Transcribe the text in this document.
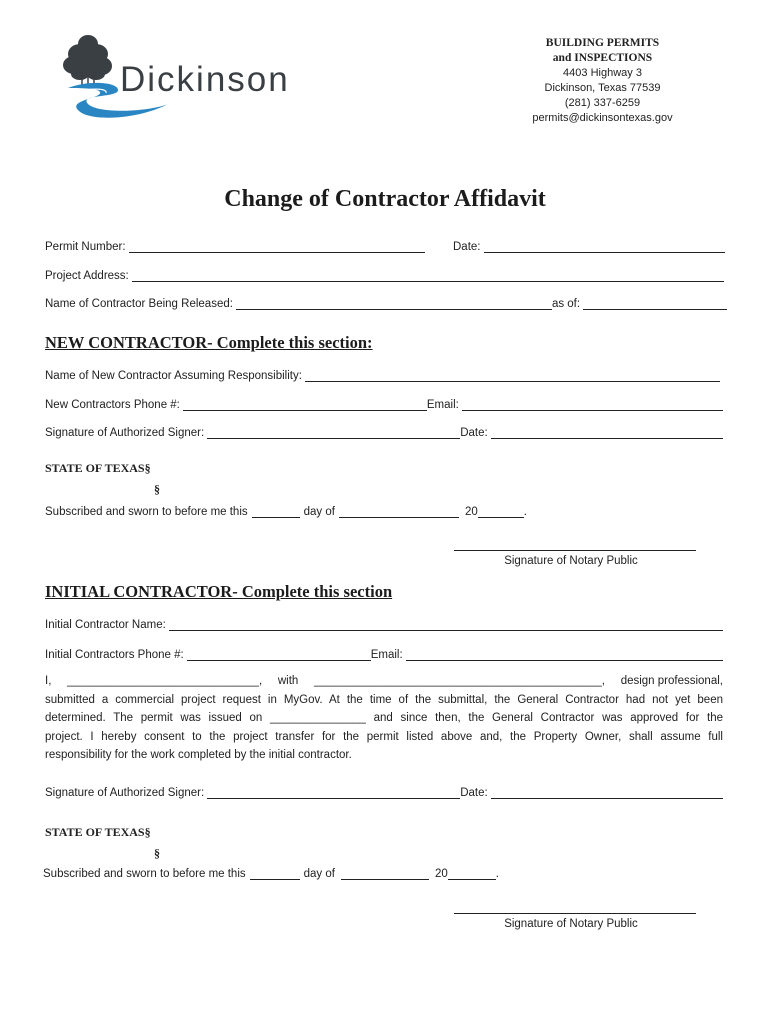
Dickinson
BUILDING PERMITS
and INSPECTIONS
4403 Highway 3
Dickinson, Texas 77539
(281) 337-6259
permits@dickinsontexas.gov
Change of Contractor Affidavit
Permit Number:	Date:
Project Address:
Name of Contractor Being Released:	as of:
NEW CONTRACTOR- Complete this section:
Name of New Contractor Assuming Responsibility:
New Contractors Phone #:	Email:
Signature of Authorized Signer:	Date:
STATE OF TEXAS§
§
Subscribed and sworn to before me this	day of	20	.
Signature of Notary Public
INITIAL CONTRACTOR- Complete this section
Initial Contractor Name:
Initial Contractors Phone #:	Email:
I, ______________________________, with _____________________________________________, design professional,
submitted a commercial project request in MyGov. At the time of the submittal, the General Contractor had not yet been
determined. The permit was issued on _______________ and since then, the General Contractor was approved for the
project. I hereby consent to the project transfer for the permit listed above and, the Property Owner, shall assume full
responsibility for the work completed by the initial contractor.
Signature of Authorized Signer:	Date:
STATE OF TEXAS§
§
Subscribed and sworn to before me this	day of	20	.
Signature of Notary Public
